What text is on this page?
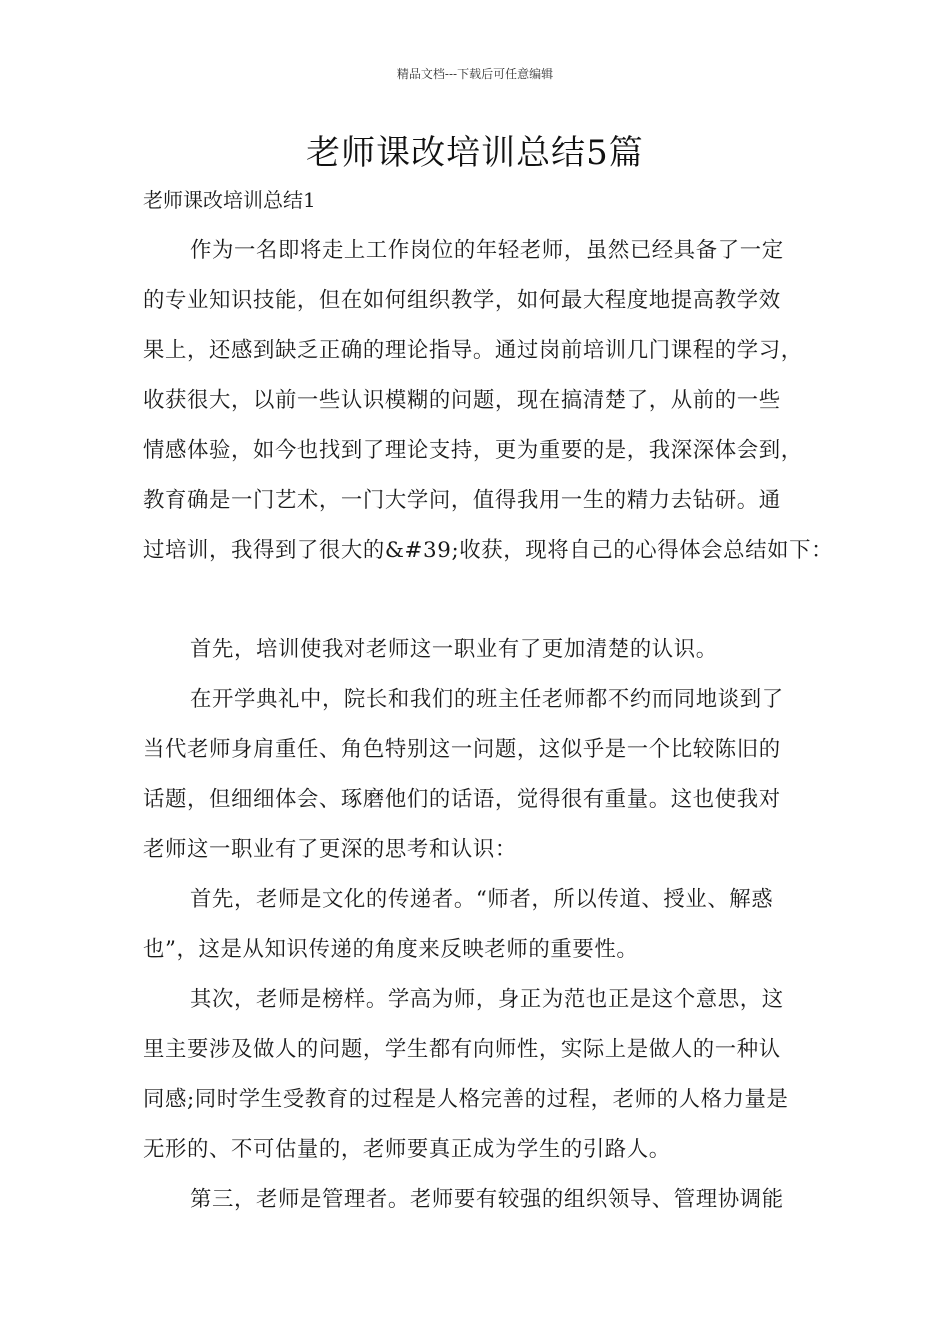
精品文档---下载后可任意编辑
老师课改培训总结5篇
老师课改培训总结1
作为一名即将走上工作岗位的年轻老师，虽然已经具备了一定
的专业知识技能，但在如何组织教学，如何最大程度地提高教学效
果上，还感到缺乏正确的理论指导。通过岗前培训几门课程的学习，
收获很大，以前一些认识模糊的问题，现在搞清楚了，从前的一些
情感体验，如今也找到了理论支持，更为重要的是，我深深体会到，
教育确是一门艺术，一门大学问，值得我用一生的精力去钻研。通
过培训，我得到了很大的&#39;收获，现将自己的心得体会总结如下：
首先，培训使我对老师这一职业有了更加清楚的认识。
在开学典礼中，院长和我们的班主任老师都不约而同地谈到了
当代老师身肩重任、角色特别这一问题，这似乎是一个比较陈旧的
话题，但细细体会、琢磨他们的话语，觉得很有重量。这也使我对
老师这一职业有了更深的思考和认识：
首先，老师是文化的传递者。“师者，所以传道、授业、解惑
也”，这是从知识传递的角度来反映老师的重要性。
其次，老师是榜样。学高为师，身正为范也正是这个意思，这
里主要涉及做人的问题，学生都有向师性，实际上是做人的一种认
同感;同时学生受教育的过程是人格完善的过程，老师的人格力量是
无形的、不可估量的，老师要真正成为学生的引路人。
第三，老师是管理者。老师要有较强的组织领导、管理协调能
